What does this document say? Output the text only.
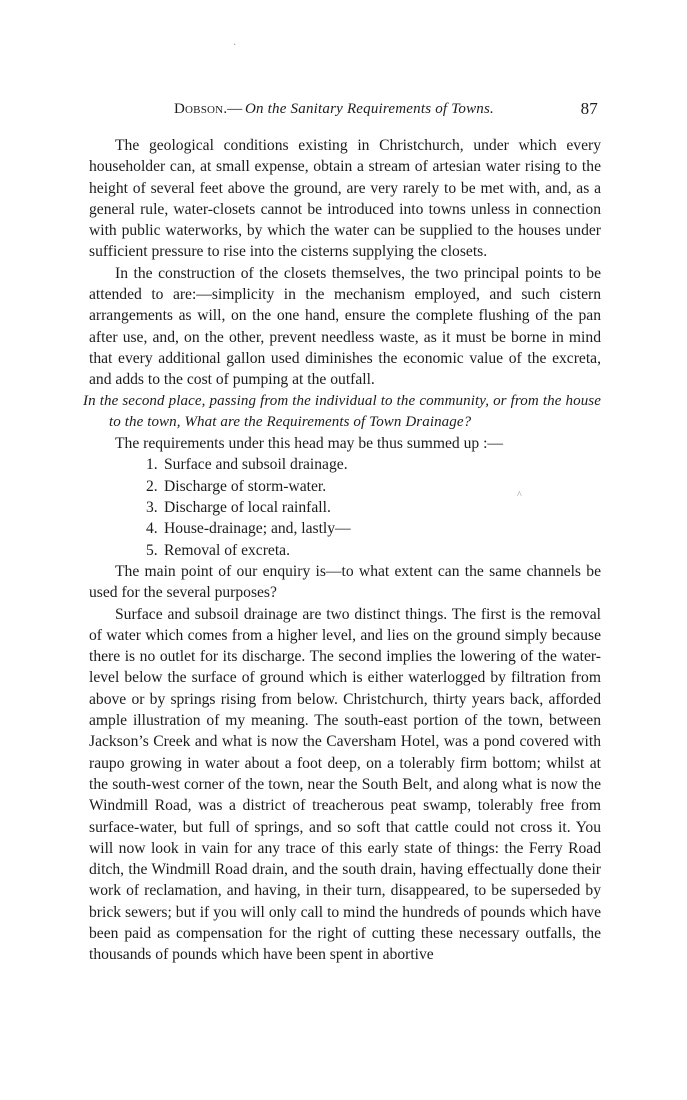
Dobson.— On the Sanitary Requirements of Towns.	87

The geological conditions existing in Christchurch, under which every householder can, at small expense, obtain a stream of artesian water rising to the height of several feet above the ground, are very rarely to be met with, and, as a general rule, water-closets cannot be introduced into towns unless in connection with public waterworks, by which the water can be supplied to the houses under sufficient pressure to rise into the cisterns supplying the closets.

In the construction of the closets themselves, the two principal points to be attended to are:—simplicity in the mechanism employed, and such cistern arrangements as will, on the one hand, ensure the complete flushing of the pan after use, and, on the other, prevent needless waste, as it must be borne in mind that every additional gallon used diminishes the economic value of the excreta, and adds to the cost of pumping at the outfall.

In the second place, passing from the individual to the community, or from the house to the town, What are the Requirements of Town Drainage?

The requirements under this head may be thus summed up :—

1. Surface and subsoil drainage.
2. Discharge of storm-water.
3. Discharge of local rainfall.
4. House-drainage; and, lastly—
5. Removal of excreta.

The main point of our enquiry is—to what extent can the same channels be used for the several purposes?

Surface and subsoil drainage are two distinct things. The first is the removal of water which comes from a higher level, and lies on the ground simply because there is no outlet for its discharge. The second implies the lowering of the water-level below the surface of ground which is either waterlogged by filtration from above or by springs rising from below. Christchurch, thirty years back, afforded ample illustration of my meaning. The south-east portion of the town, between Jackson’s Creek and what is now the Caversham Hotel, was a pond covered with raupo growing in water about a foot deep, on a tolerably firm bottom; whilst at the south-west corner of the town, near the South Belt, and along what is now the Windmill Road, was a district of treacherous peat swamp, tolerably free from surface-water, but full of springs, and so soft that cattle could not cross it. You will now look in vain for any trace of this early state of things: the Ferry Road ditch, the Windmill Road drain, and the south drain, having effectually done their work of reclamation, and having, in their turn, disappeared, to be superseded by brick sewers; but if you will only call to mind the hundreds of pounds which have been paid as compensation for the right of cutting these necessary outfalls, the thousands of pounds which have been spent in abortive

·
^
